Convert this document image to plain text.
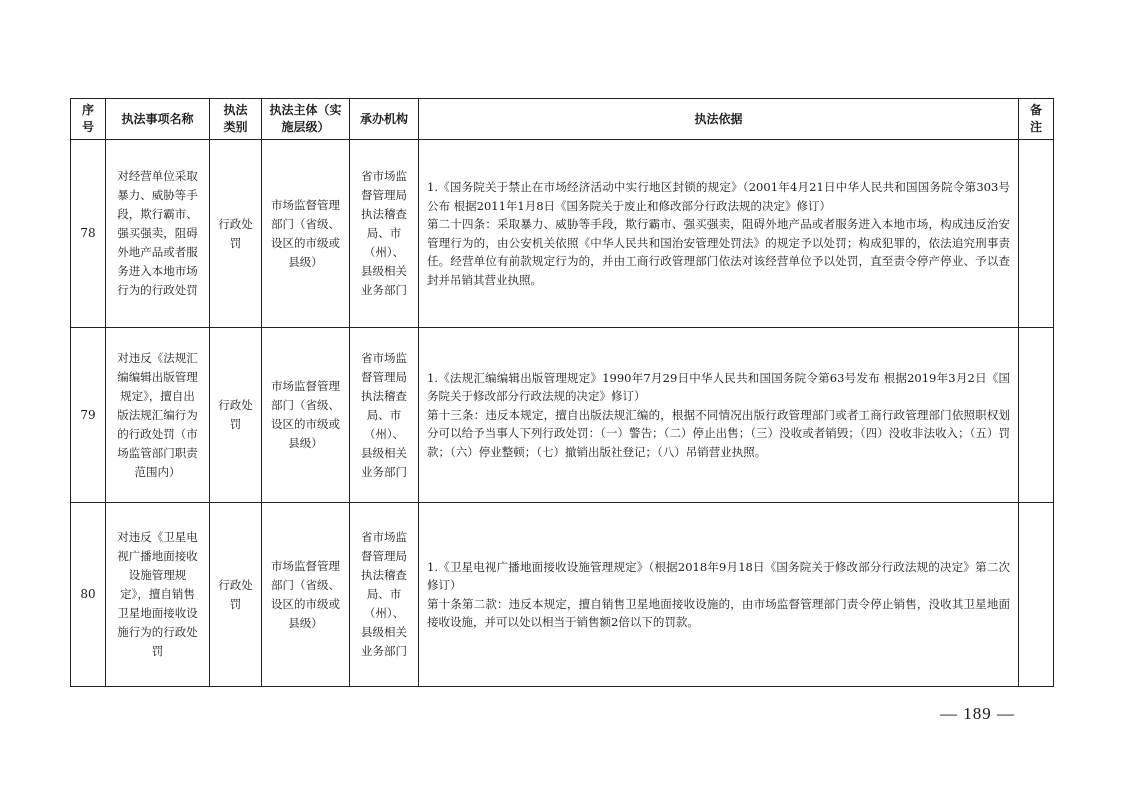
序号	执法事项名称	执法类别	执法主体（实施层级）	承办机构	执法依据	备注

78	对经营单位采取暴力、威胁等手段，欺行霸市、强买强卖，阻碍外地产品或者服务进入本地市场行为的行政处罚	行政处罚	市场监督管理部门（省级、设区的市级或县级）	省市场监督管理局执法稽查局、市（州）、县级相关业务部门	1.《国务院关于禁止在市场经济活动中实行地区封锁的规定》（2001年4月21日中华人民共和国国务院令第303号公布 根据2011年1月8日《国务院关于废止和修改部分行政法规的决定》修订）

第二十四条：采取暴力、威胁等手段，欺行霸市、强买强卖，阻碍外地产品或者服务进入本地市场，构成违反治安管理行为的，由公安机关依照《中华人民共和国治安管理处罚法》的规定予以处罚；构成犯罪的，依法追究刑事责任。经营单位有前款规定行为的，并由工商行政管理部门依法对该经营单位予以处罚，直至责令停产停业、予以查封并吊销其营业执照。	

79	对违反《法规汇编编辑出版管理规定》，擅自出版法规汇编行为的行政处罚（市场监管部门职责范围内）	行政处罚	市场监督管理部门（省级、设区的市级或县级）	省市场监督管理局执法稽查局、市（州）、县级相关业务部门	1.《法规汇编编辑出版管理规定》1990年7月29日中华人民共和国国务院令第63号发布 根据2019年3月2日《国务院关于修改部分行政法规的决定》修订）

第十三条：违反本规定，擅自出版法规汇编的，根据不同情况出版行政管理部门或者工商行政管理部门依照职权划分可以给予当事人下列行政处罚：（一）警告；（二）停止出售；（三）没收或者销毁；（四）没收非法收入；（五）罚款；（六）停业整顿；（七）撤销出版社登记；（八）吊销营业执照。	

80	对违反《卫星电视广播地面接收设施管理规定》，擅自销售卫星地面接收设施行为的行政处罚	行政处罚	市场监督管理部门（省级、设区的市级或县级）	省市场监督管理局执法稽查局、市（州）、县级相关业务部门	1.《卫星电视广播地面接收设施管理规定》（根据2018年9月18日《国务院关于修改部分行政法规的决定》第二次修订）

第十条第二款：违反本规定，擅自销售卫星地面接收设施的，由市场监督管理部门责令停止销售，没收其卫星地面接收设施，并可以处以相当于销售额2倍以下的罚款。	

— 189 —
